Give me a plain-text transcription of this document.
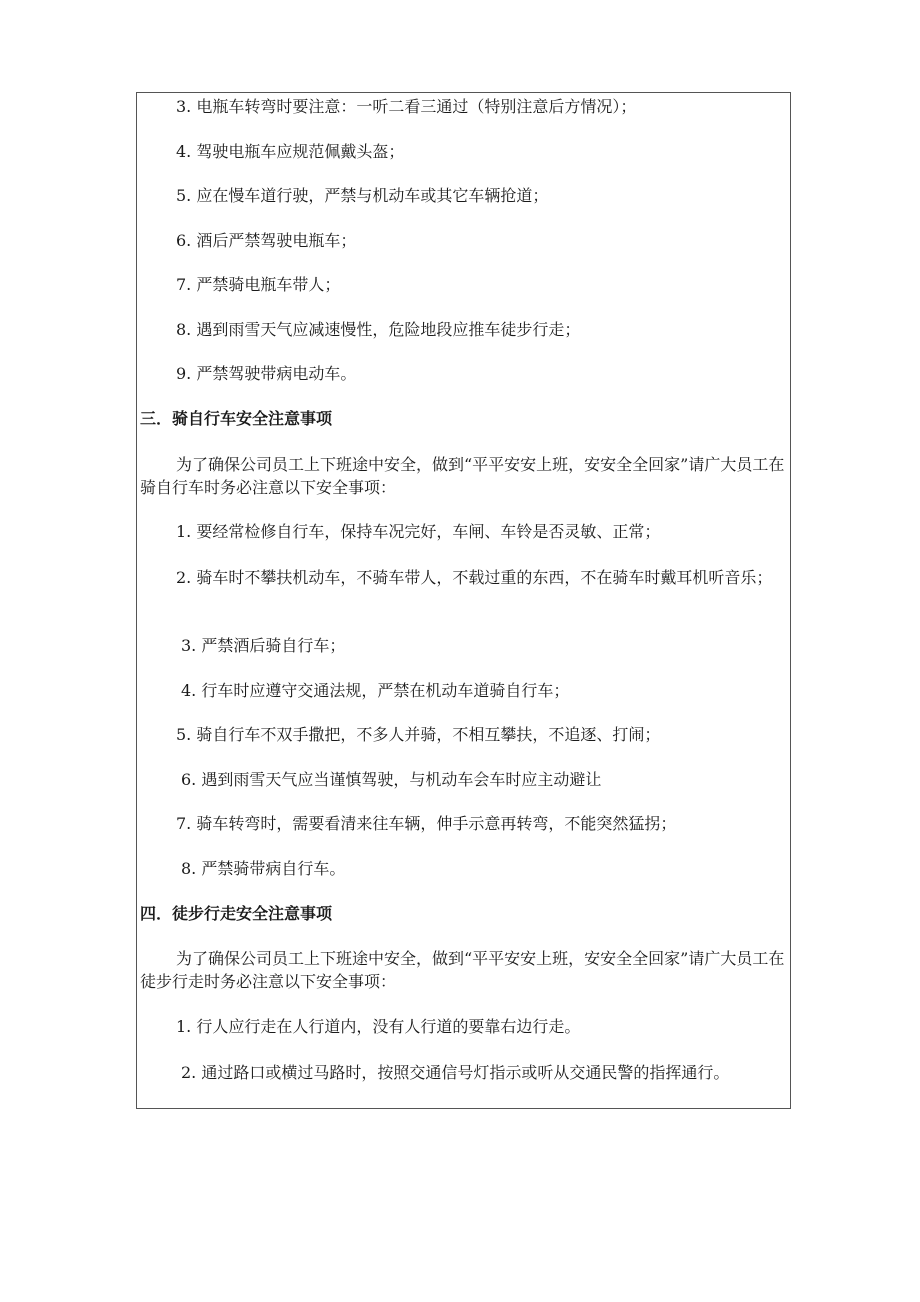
3. 电瓶车转弯时要注意：一听二看三通过（特别注意后方情况）；
4. 驾驶电瓶车应规范佩戴头盔；
5. 应在慢车道行驶，严禁与机动车或其它车辆抢道；
6. 酒后严禁驾驶电瓶车；
7. 严禁骑电瓶车带人；
8. 遇到雨雪天气应减速慢性，危险地段应推车徒步行走；
9. 严禁驾驶带病电动车。
三．骑自行车安全注意事项
为了确保公司员工上下班途中安全，做到“平平安安上班，安安全全回家”请广大员工在骑自行车时务必注意以下安全事项：
1. 要经常检修自行车，保持车况完好，车闸、车铃是否灵敏、正常；
2. 骑车时不攀扶机动车，不骑车带人，不载过重的东西，不在骑车时戴耳机听音乐；
3. 严禁酒后骑自行车；
4. 行车时应遵守交通法规，严禁在机动车道骑自行车；
5. 骑自行车不双手撒把，不多人并骑，不相互攀扶，不追逐、打闹；
6. 遇到雨雪天气应当谨慎驾驶，与机动车会车时应主动避让
7. 骑车转弯时，需要看清来往车辆，伸手示意再转弯，不能突然猛拐；
8. 严禁骑带病自行车。
四．徒步行走安全注意事项
为了确保公司员工上下班途中安全，做到“平平安安上班，安安全全回家”请广大员工在徒步行走时务必注意以下安全事项：
1. 行人应行走在人行道内，没有人行道的要靠右边行走。
2. 通过路口或横过马路时，按照交通信号灯指示或听从交通民警的指挥通行。
